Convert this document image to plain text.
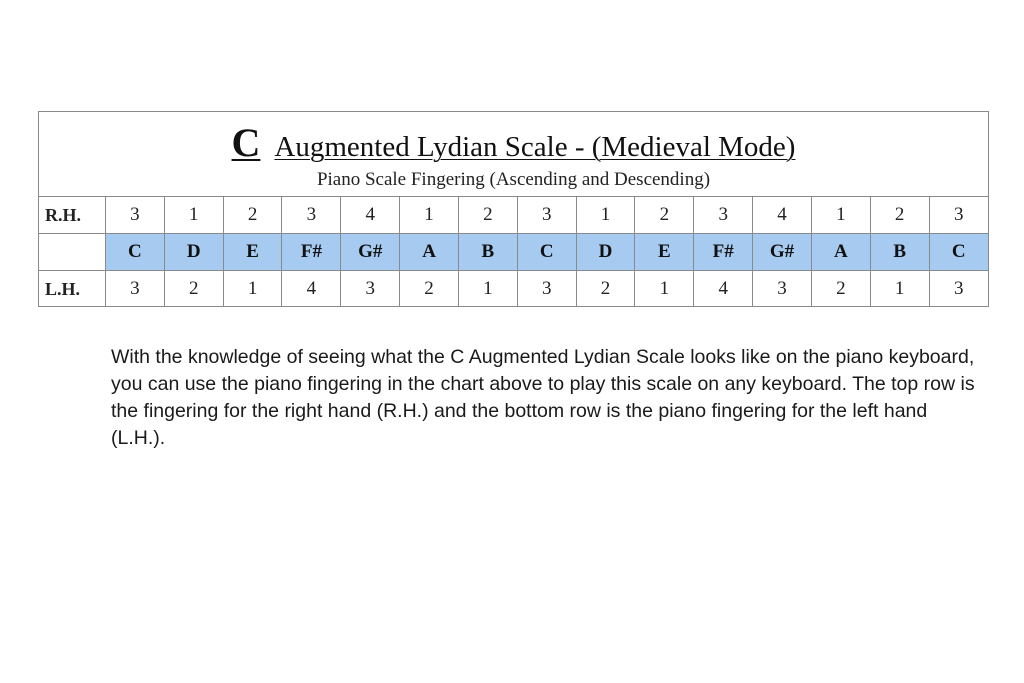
C Augmented Lydian Scale - (Medieval Mode)
Piano Scale Fingering (Ascending and Descending)
R.H.	3	1	2	3	4	1	2	3	1	2	3	4	1	2	3
	C	D	E	F#	G#	A	B	C	D	E	F#	G#	A	B	C
L.H.	3	2	1	4	3	2	1	3	2	1	4	3	2	1	3

With the knowledge of seeing what the C Augmented Lydian Scale looks like on the piano keyboard, you can use the piano fingering in the chart above to play this scale on any keyboard. The top row is the fingering for the right hand (R.H.) and the bottom row is the piano fingering for the left hand (L.H.).
